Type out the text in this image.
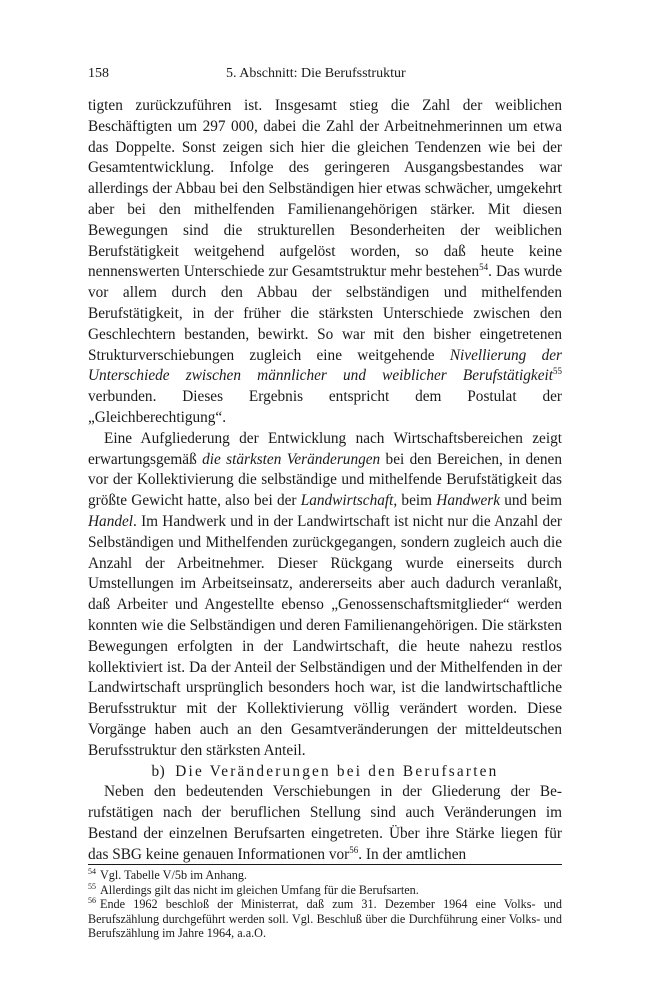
158	5. Abschnitt: Die Berufsstruktur

tigten zurückzuführen ist. Insgesamt stieg die Zahl der weiblichen Beschäftigten um 297 000, dabei die Zahl der Arbeitnehmerinnen um etwa das Doppelte. Sonst zeigen sich hier die gleichen Tendenzen wie bei der Gesamtentwicklung. Infolge des geringeren Ausgangsbestandes war allerdings der Abbau bei den Selbständigen hier etwas schwächer, umgekehrt aber bei den mithelfenden Familienangehörigen stärker. Mit diesen Bewegungen sind die strukturellen Besonderheiten der weiblichen Berufstätigkeit weitgehend aufgelöst worden, so daß heute keine nennenswerten Unterschiede zur Gesamtstruktur mehr bestehen$^{54}$. Das wurde vor allem durch den Abbau der selbständigen und mithelfenden Berufstätigkeit, in der früher die stärksten Unterschiede zwischen den Geschlechtern bestanden, bewirkt. So war mit den bisher eingetretenen Strukturverschiebungen zugleich eine weitgehende Nivellierung der Unterschiede zwischen männlicher und weiblicher Berufstätigkeit$^{55}$ verbunden. Dieses Ergebnis entspricht dem Postulat der „Gleichberechtigung“.

Eine Aufgliederung der Entwicklung nach Wirtschaftsbereichen zeigt erwartungsgemäß die stärksten Veränderungen bei den Bereichen, in denen vor der Kollektivierung die selbständige und mithelfende Berufstätigkeit das größte Gewicht hatte, also bei der Landwirtschaft, beim Handwerk und beim Handel. Im Handwerk und in der Landwirtschaft ist nicht nur die Anzahl der Selbständigen und Mithelfenden zurückgegangen, sondern zugleich auch die Anzahl der Arbeitnehmer. Dieser Rückgang wurde einerseits durch Umstellungen im Arbeitseinsatz, andererseits aber auch dadurch veranlaßt, daß Arbeiter und Angestellte ebenso „Genossenschaftsmitglieder“ werden konnten wie die Selbständigen und deren Familienangehörigen. Die stärksten Bewegungen erfolgten in der Landwirtschaft, die heute nahezu restlos kollektiviert ist. Da der Anteil der Selbständigen und der Mithelfenden in der Landwirtschaft ursprünglich besonders hoch war, ist die landwirtschaftliche Berufsstruktur mit der Kollektivierung völlig verändert worden. Diese Vorgänge haben auch an den Gesamtveränderungen der mitteldeutschen Berufsstruktur den stärksten Anteil.

b) Die Veränderungen bei den Berufsarten

Neben den bedeutenden Verschiebungen in der Gliederung der Berufstätigen nach der beruflichen Stellung sind auch Veränderungen im Bestand der einzelnen Berufsarten eingetreten. Über ihre Stärke liegen für das SBG keine genauen Informationen vor$^{56}$. In der amtlichen

$^{54}$ Vgl. Tabelle V/5b im Anhang.

$^{55}$ Allerdings gilt das nicht im gleichen Umfang für die Berufsarten.

$^{56}$ Ende 1962 beschloß der Ministerrat, daß zum 31. Dezember 1964 eine Volks- und Berufszählung durchgeführt werden soll. Vgl. Beschluß über die Durchführung einer Volks- und Berufszählung im Jahre 1964, a.a.O.
